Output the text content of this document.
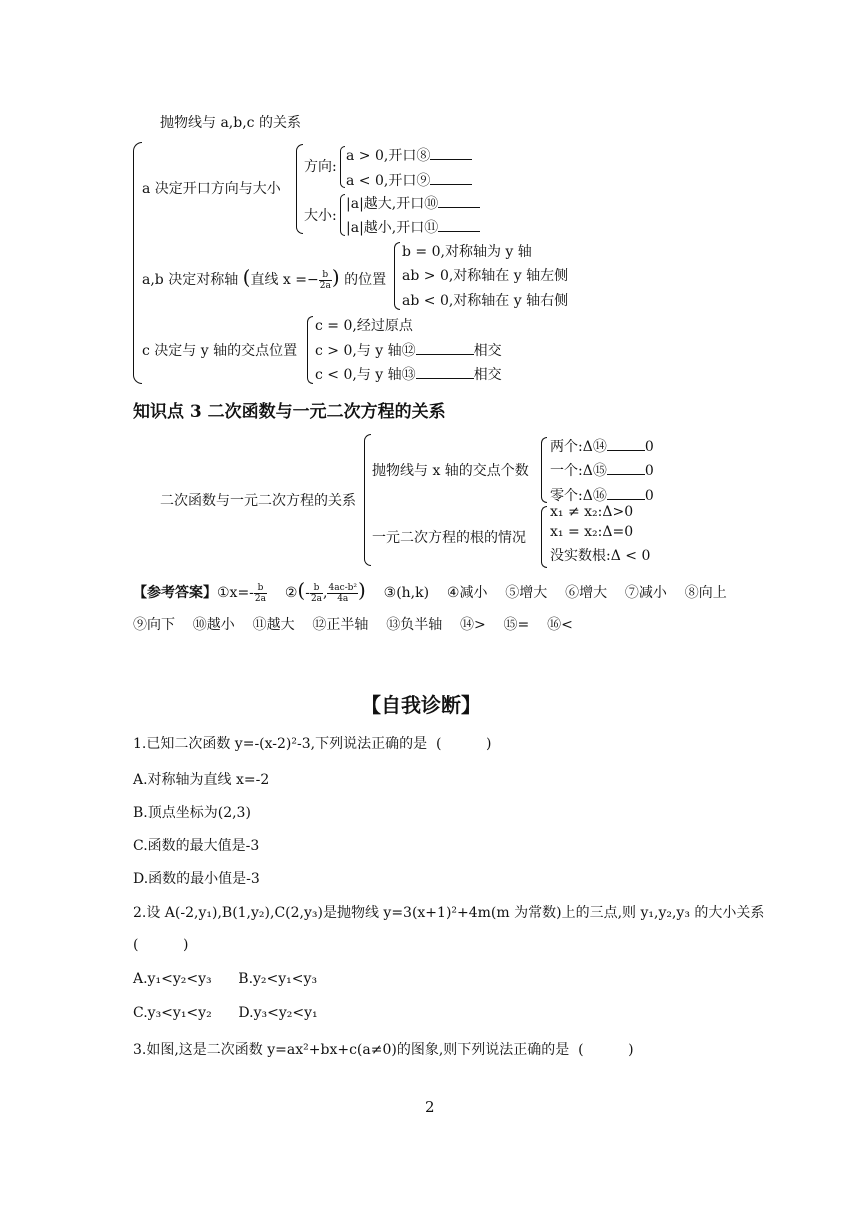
抛物线与 a,b,c 的关系
a 决定开口方向与大小
方向:
a > 0,开口⑧
a < 0,开口⑨
大小:
|a|越大,开口⑩
|a|越小,开口⑪
a,b 决定对称轴 (直线 $x =- \frac{b}{2a}$ ) 的位置
b = 0,对称轴为 y 轴
ab > 0,对称轴在 y 轴左侧
ab < 0,对称轴在 y 轴右侧
c 决定与 y 轴的交点位置
c = 0,经过原点
c > 0,与 y 轴⑫	相交
c < 0,与 y 轴⑬	相交
知识点 3 二次函数与一元二次方程的关系
二次函数与一元二次方程的关系
抛物线与 x 轴的交点个数
两个:Δ⑭	0
一个:Δ⑮	0
零个:Δ⑯	0
一元二次方程的根的情况
x₁ ≠ x₂:Δ>0
x₁ = x₂:Δ=0
没实数根:Δ < 0
【参考答案】①x=- $\frac{b}{2a}$ ②(- $\frac{b}{2a}$ , $\frac{\text{4ac-b²}}{4a}$ ) ③(h,k) ④减小 ⑤增大 ⑥增大 ⑦减小 ⑧向上
⑨向下    ⑩越小    ⑪越大    ⑫正半轴    ⑬负半轴    ⑭>    ⑮=    ⑯<
【自我诊断】
1.已知二次函数 y=-(x-2)²-3,下列说法正确的是  (          )
A.对称轴为直线 x=-2
B.顶点坐标为(2,3)
C.函数的最大值是-3
D.函数的最小值是-3
2.设 A(-2,y₁),B(1,y₂),C(2,y₃)是抛物线 y=3(x+1)²+4m(m 为常数)上的三点,则 y₁,y₂,y₃ 的大小关系
(          )
A.y₁<y₂<y₃      B.y₂<y₁<y₃
C.y₃<y₁<y₂      D.y₃<y₂<y₁
3.如图,这是二次函数 y=ax²+bx+c(a≠0)的图象,则下列说法正确的是  (          )
2
